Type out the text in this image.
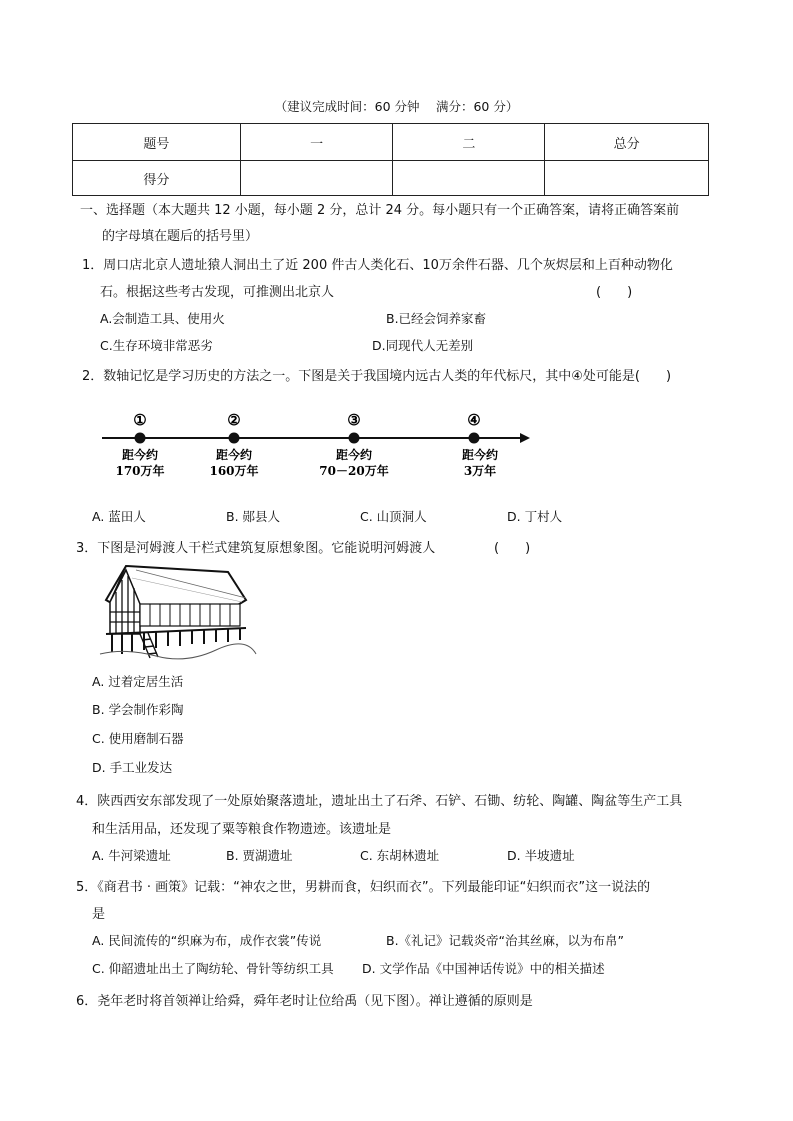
（建议完成时间：60 分钟　 满分：60 分）
题号	一	二	总分
得分			
一、选择题（本大题共 12 小题，每小题 2 分，总计 24 分。每小题只有一个正确答案，请将正确答案前
的字母填在题后的括号里）
1．周口店北京人遗址猿人洞出土了近 200 件古人类化石、10万余件石器、几个灰烬层和上百种动物化
石。根据这些考古发现，可推测出北京人	(　　)
A.会制造工具、使用火	B.已经会饲养家畜
C.生存环境非常恶劣	D.同现代人无差别
2．数轴记忆是学习历史的方法之一。下图是关于我国境内远古人类的年代标尺，其中④处可能是(　　)
①
距今约
170万年
②
距今约
160万年
③
距今约
70－20万年
④
距今约
3万年
A. 蓝田人	B. 郧县人	C. 山顶洞人	D. 丁村人
3．下图是河姆渡人干栏式建筑复原想象图。它能说明河姆渡人	(　　)
A. 过着定居生活
B. 学会制作彩陶
C. 使用磨制石器
D. 手工业发达
4．陕西西安东部发现了一处原始聚落遗址，遗址出土了石斧、石铲、石锄、纺轮、陶罐、陶盆等生产工具
和生活用品，还发现了粟等粮食作物遗迹。该遗址是
A. 牛河梁遗址	B. 贾湖遗址	C. 东胡林遗址	D. 半坡遗址
5．《商君书 · 画策》记载：“神农之世，男耕而食，妇织而衣”。下列最能印证“妇织而衣”这一说法的
是
A. 民间流传的“织麻为布，成作衣裳”传说	B.《礼记》记载炎帝“治其丝麻，以为布帛”
C. 仰韶遗址出土了陶纺轮、骨针等纺织工具 D. 文学作品《中国神话传说》中的相关描述
6．尧年老时将首领禅让给舜，舜年老时让位给禹（见下图）。禅让遵循的原则是
